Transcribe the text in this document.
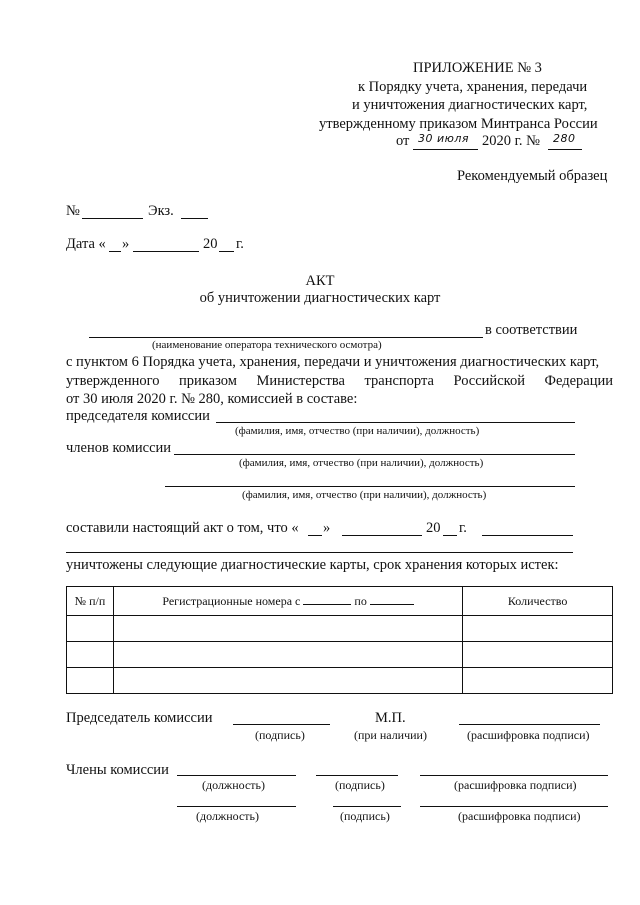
ПРИЛОЖЕНИЕ № 3
к Порядку учета, хранения, передачи
и уничтожения диагностических карт,
утвержденному приказом Минтранса России
от 30 июля 2020 г. № 280
Рекомендуемый образец
№	Экз.
Дата « »	20 г.
АКТ
об уничтожении диагностических карт
в соответствии
(наименование оператора технического осмотра)
с пунктом 6 Порядка учета, хранения, передачи и уничтожения диагностических карт,
утвержденного приказом Министерства транспорта Российской Федерации
от 30 июля 2020 г. № 280, комиссией в составе:
председателя комиссии
(фамилия, имя, отчество (при наличии), должность)
членов комиссии
(фамилия, имя, отчество (при наличии), должность)
(фамилия, имя, отчество (при наличии), должность)
составили настоящий акт о том, что « »	20 г.
уничтожены следующие диагностические карты, срок хранения которых истек:
№ п/п	Регистрационные номера с по	Количество

Председатель комиссии
(подпись)
М.П.
(при наличии)	(расшифровка подписи)
Члены комиссии
(должность)	(подпись)	(расшифровка подписи)
(должность)	(подпись)	(расшифровка подписи)
